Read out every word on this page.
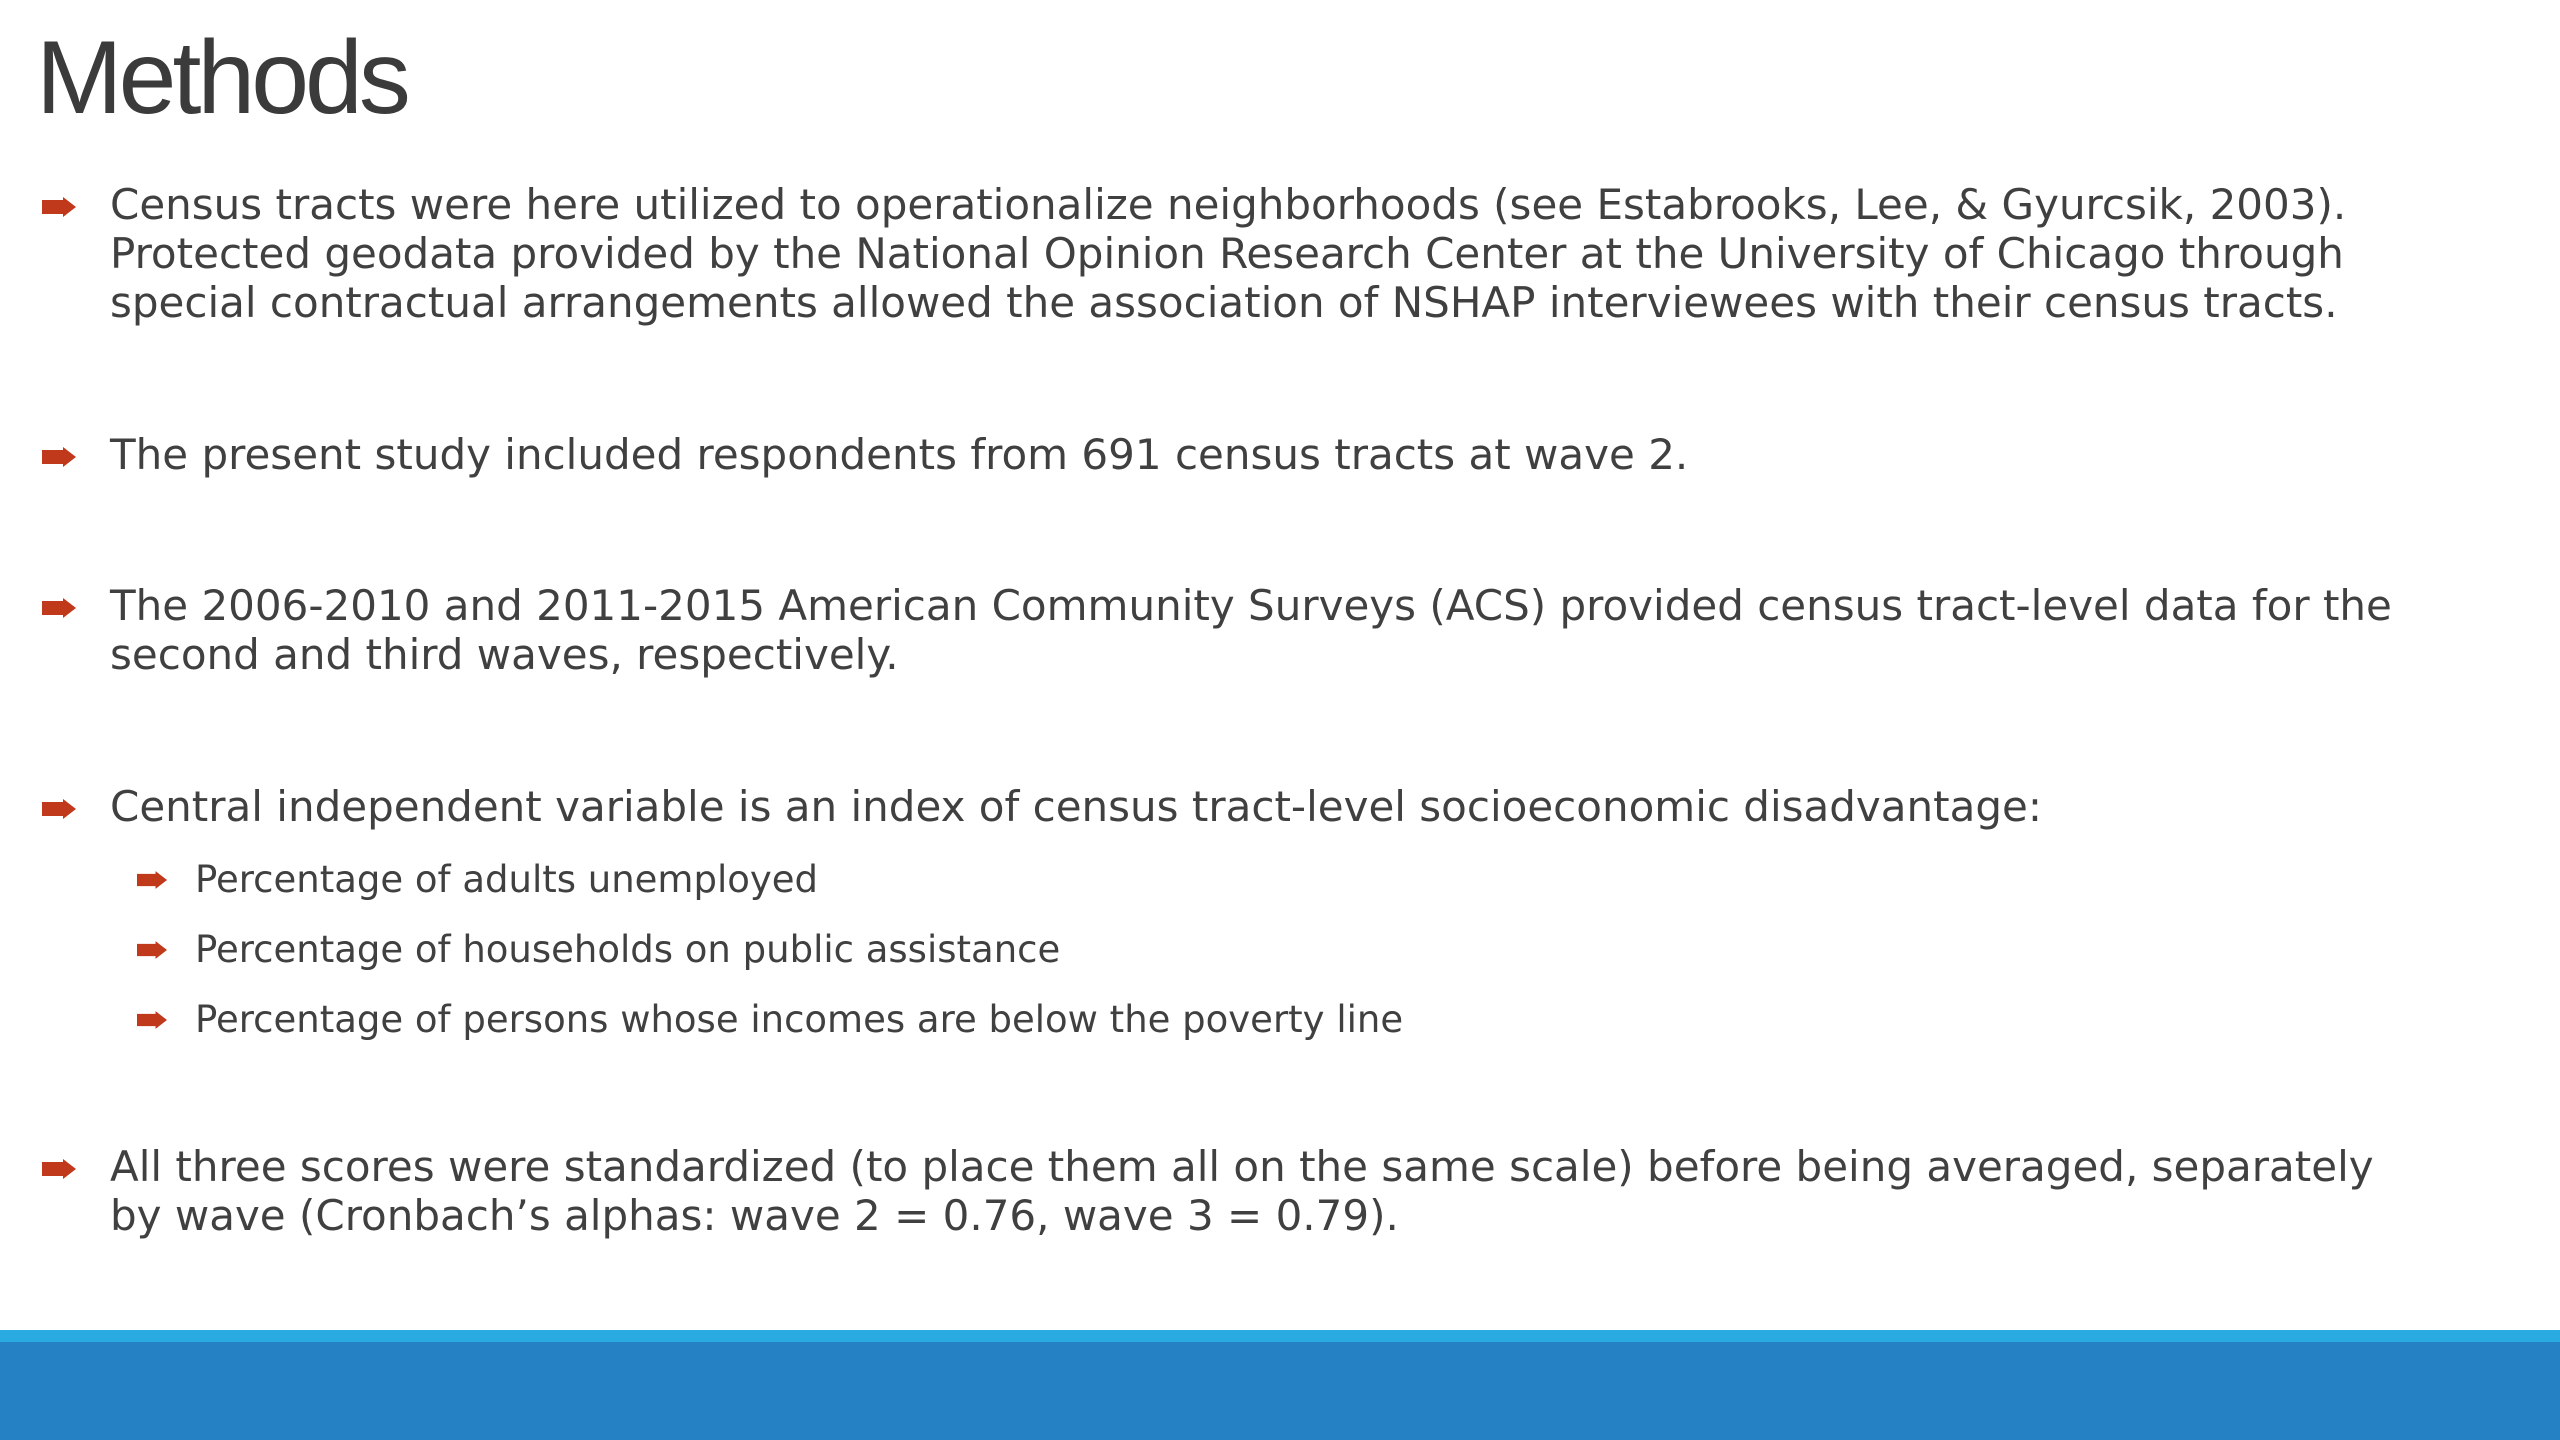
Methods
Census tracts were here utilized to operationalize neighborhoods (see Estabrooks, Lee, & Gyurcsik, 2003).
Protected geodata provided by the National Opinion Research Center at the University of Chicago through
special contractual arrangements allowed the association of NSHAP interviewees with their census tracts.
The present study included respondents from 691 census tracts at wave 2.
The 2006-2010 and 2011-2015 American Community Surveys (ACS) provided census tract-level data for the
second and third waves, respectively.
Central independent variable is an index of census tract-level socioeconomic disadvantage:
Percentage of adults unemployed
Percentage of households on public assistance
Percentage of persons whose incomes are below the poverty line
All three scores were standardized (to place them all on the same scale) before being averaged, separately
by wave (Cronbach’s alphas: wave 2 = 0.76, wave 3 = 0.79).
